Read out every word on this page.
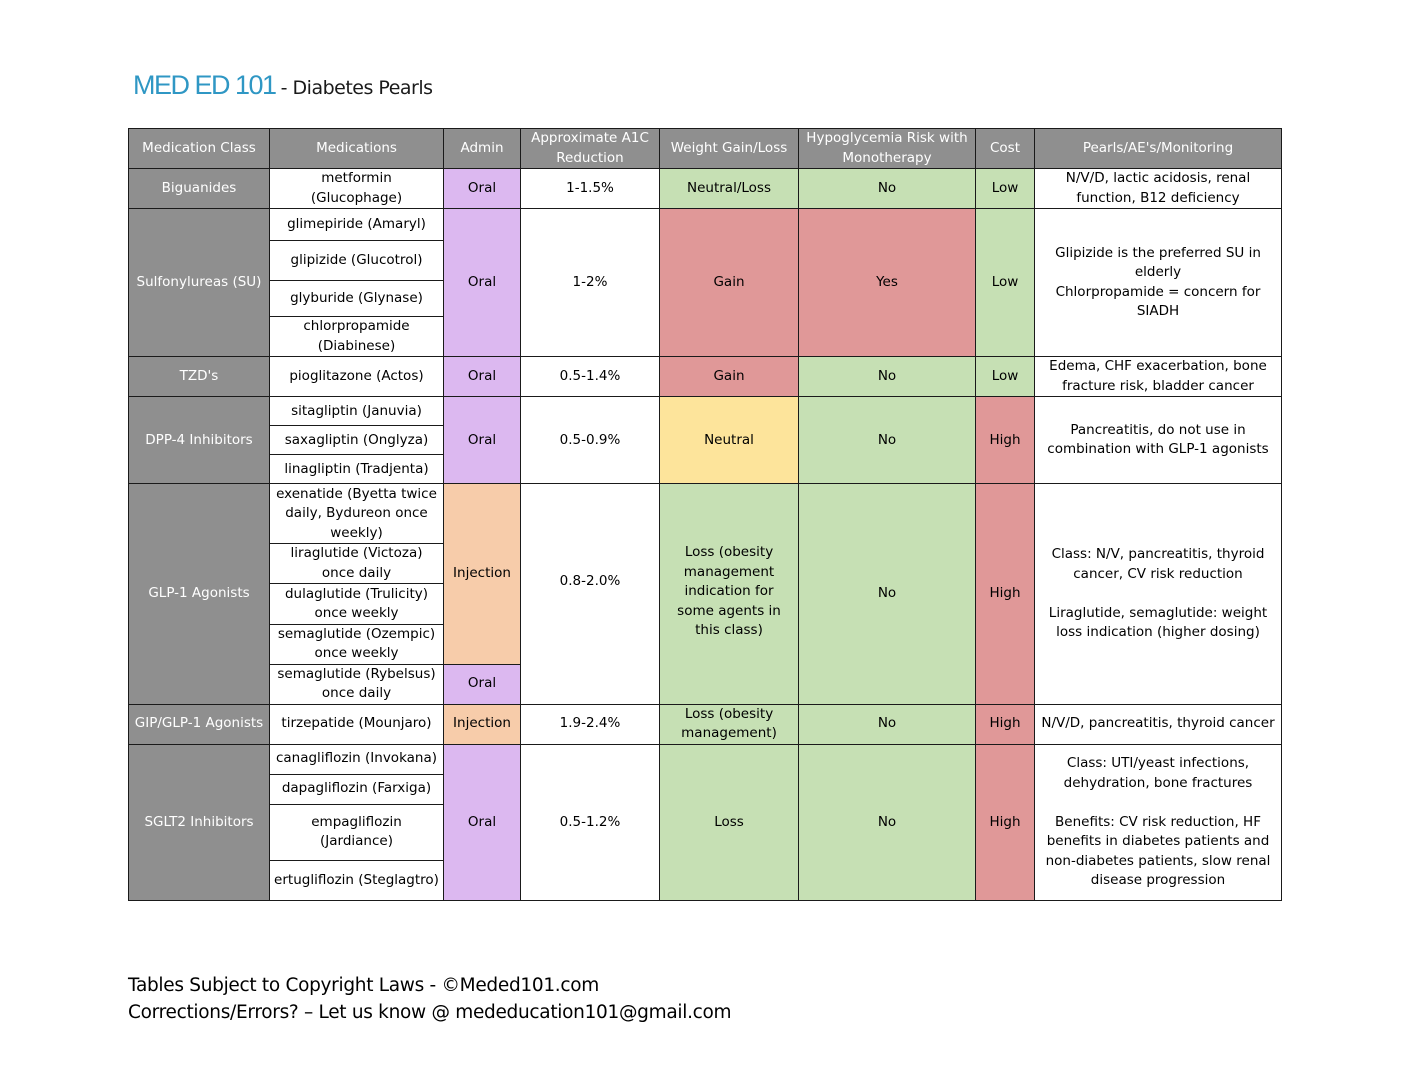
MED ED 101 - Diabetes Pearls
Medication Class	Medications	Admin	Approximate A1C Reduction	Weight Gain/Loss	Hypoglycemia Risk with Monotherapy	Cost	Pearls/AE's/Monitoring
Biguanides	metformin (Glucophage)	Oral	1-1.5%	Neutral/Loss	No	Low	N/V/D, lactic acidosis, renal function, B12 deficiency

Sulfonylureas (SU)	glimepiride (Amaryl)	Oral	1-2%	Gain	Yes	Low	Glipizide is the preferred SU in elderly
Chlorpropamide = concern for SIADH

	glipizide (Glucotrol)						
	glyburide (Glynase)						
	chlorpropamide (Diabinese)						
TZD's	pioglitazone (Actos)	Oral	0.5-1.4%	Gain	No	Low	Edema, CHF exacerbation, bone fracture risk, bladder cancer

DPP-4 Inhibitors	sitagliptin (Januvia)	Oral	0.5-0.9%	Neutral	No	High	Pancreatitis, do not use in combination with GLP-1 agonists

	saxagliptin (Onglyza)						
	linagliptin (Tradjenta)						
GLP-1 Agonists	exenatide (Byetta twice daily, Bydureon once weekly)	Injection	0.8-2.0%	Loss (obesity management indication for some agents in this class)	No	High	Class: N/V, pancreatitis, thyroid cancer, CV risk reduction
Liraglutide, semaglutide: weight loss indication (higher dosing)

	liraglutide (Victoza) once daily						
	dulaglutide (Trulicity) once weekly						
	semaglutide (Ozempic) once weekly						
	semaglutide (Rybelsus) once daily	Oral					
GIP/GLP-1 Agonists	tirzepatide (Mounjaro)	Injection	1.9-2.4%	Loss (obesity management)	No	High	N/V/D, pancreatitis, thyroid cancer

SGLT2 Inhibitors	canagliflozin (Invokana)	Oral	0.5-1.2%	Loss	No	High	Class: UTI/yeast infections, dehydration, bone fractures
Benefits: CV risk reduction, HF benefits in diabetes patients and non-diabetes patients, slow renal disease progression

	dapagliflozin (Farxiga)						
	empagliflozin (Jardiance)						
	ertugliflozin (Steglagtro)						
Tables Subject to Copyright Laws - ©Meded101.com
Corrections/Errors? – Let us know @ mededucation101@gmail.com
